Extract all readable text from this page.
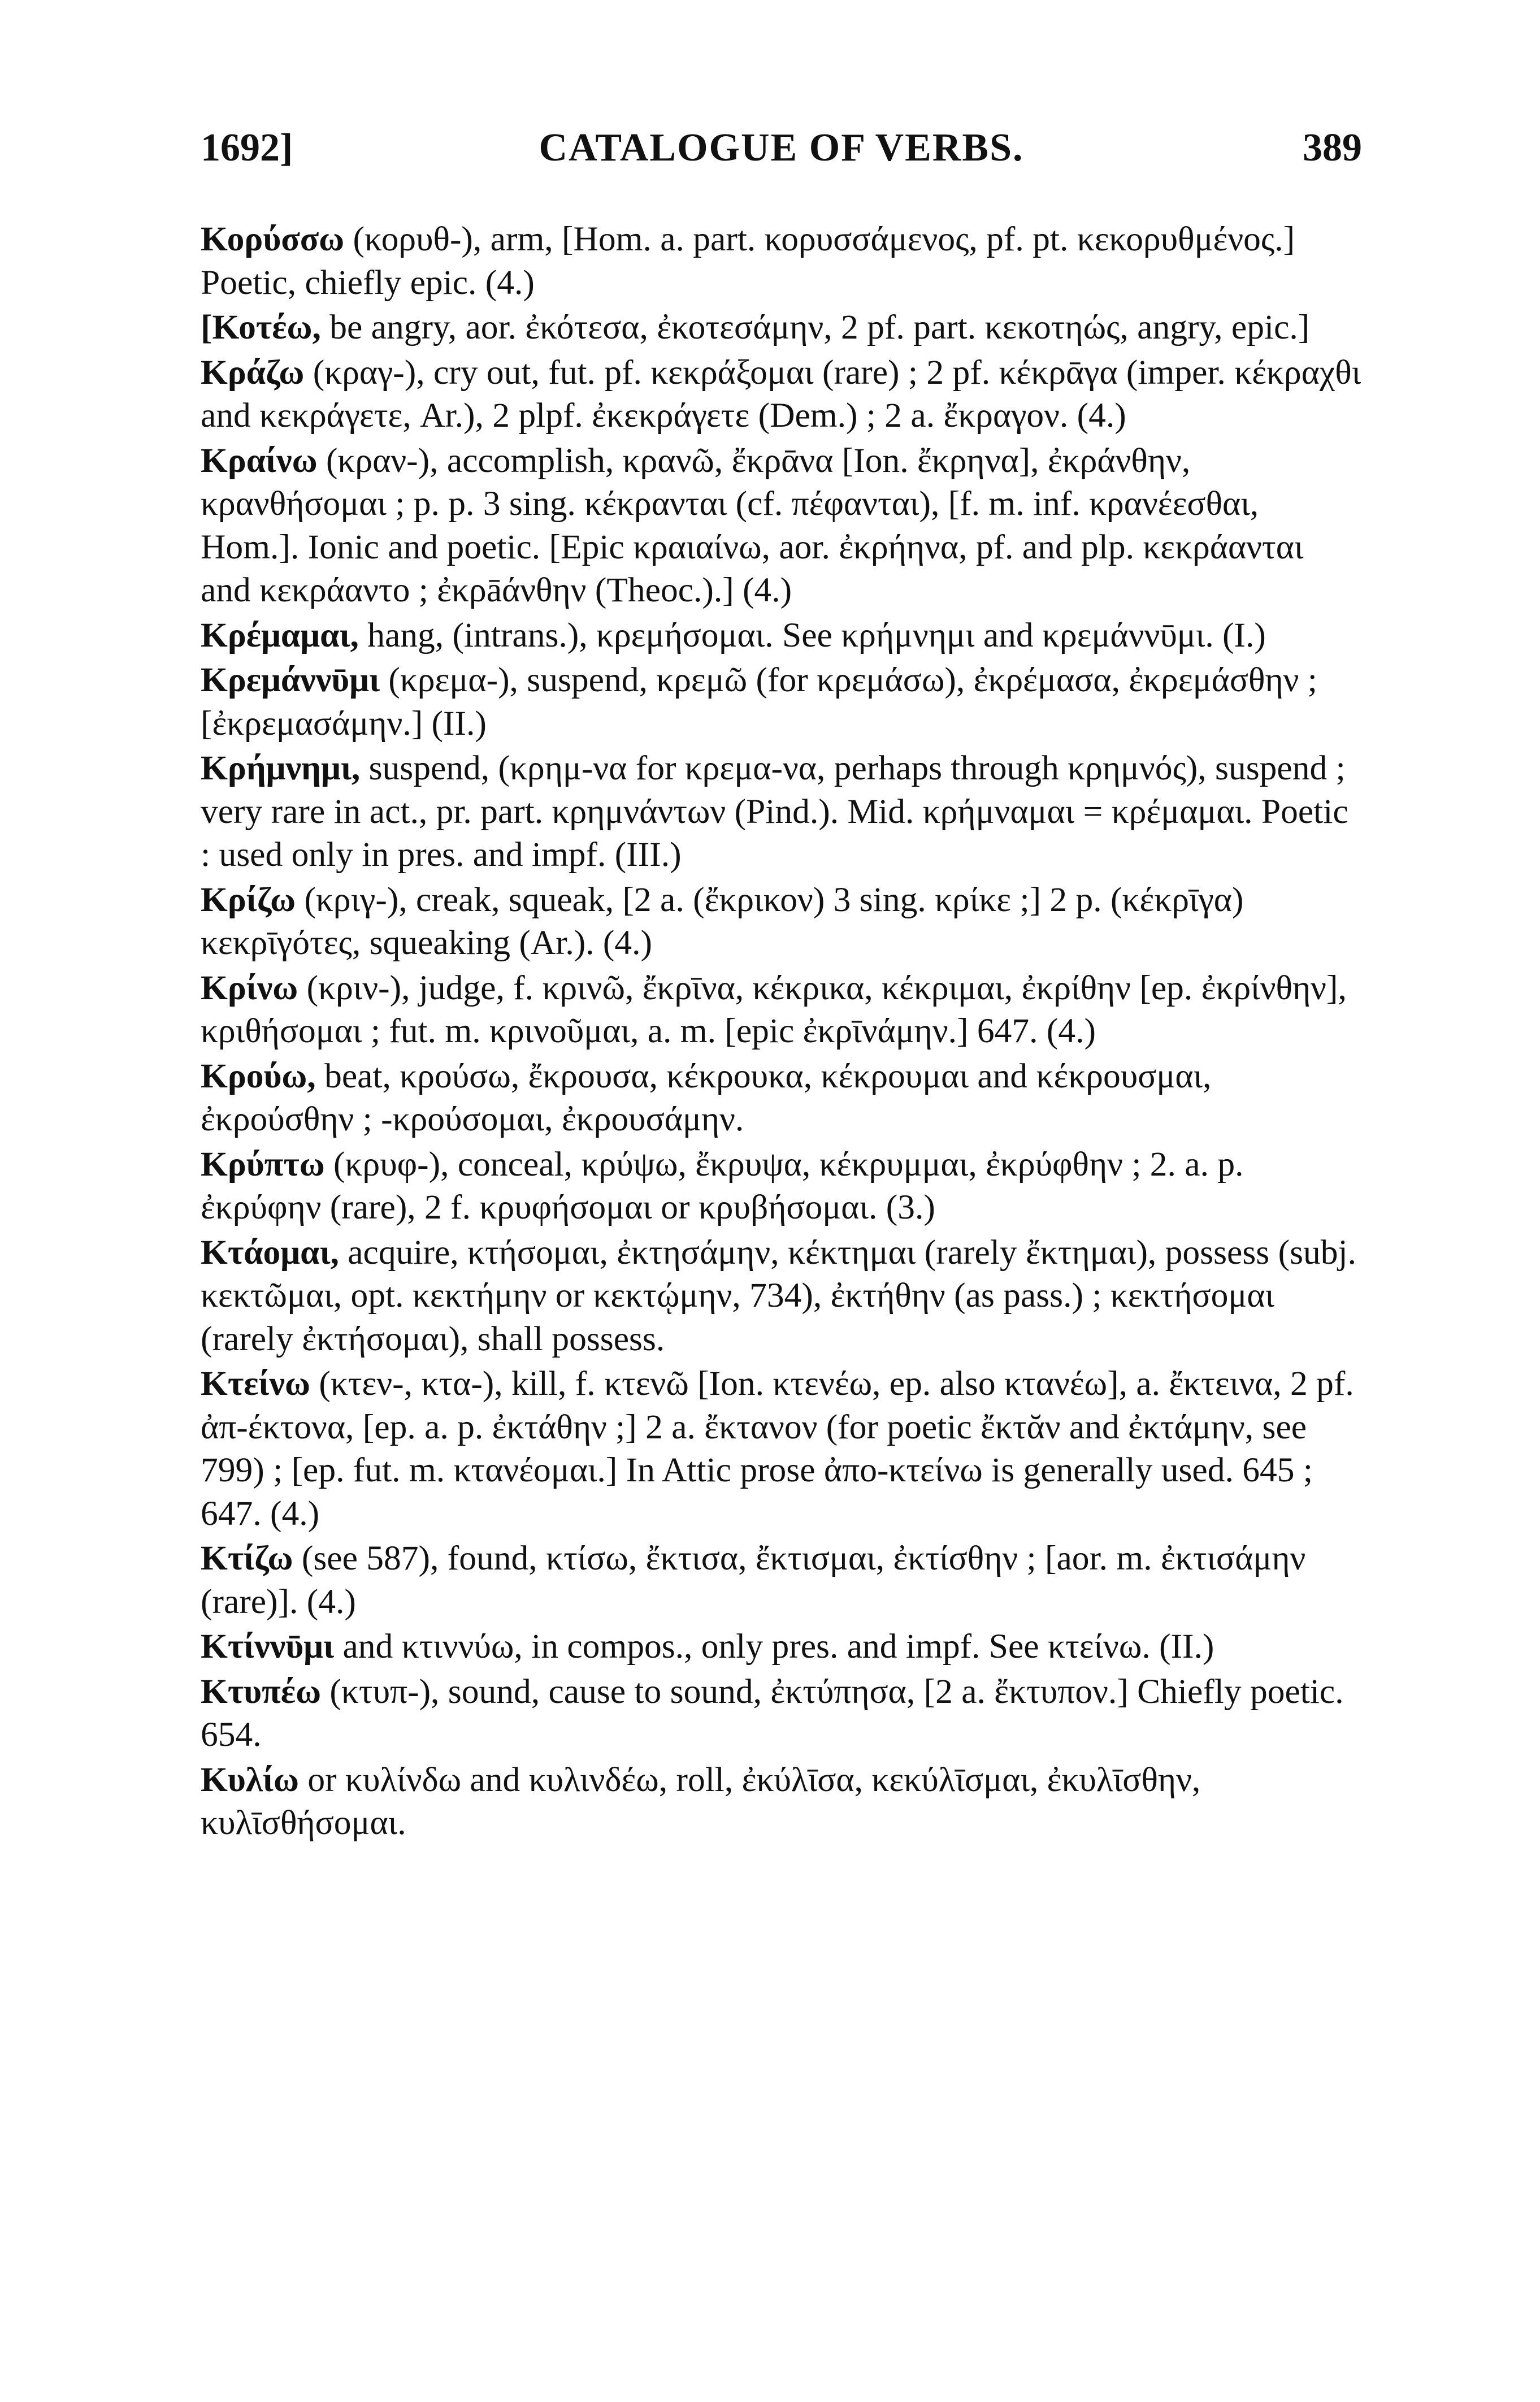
1692]	CATALOGUE OF VERBS.	389

Κορύσσω (κορυθ-), arm, [Hom. a. part. κορυσσάμενος, pf. pt. κεκορυθμένος.] Poetic, chiefly epic. (4.)

[Κοτέω, be angry, aor. ἐκότεσα, ἐκοτεσάμην, 2 pf. part. κεκοτηώς, angry, epic.]

Κράζω (κραγ-), cry out, fut. pf. κεκράξομαι (rare) ; 2 pf. κέκρᾱγα (imper. κέκραχθι and κεκράγετε, Ar.), 2 plpf. ἐκεκράγετε (Dem.) ; 2 a. ἔκραγον. (4.)

Κραίνω (κραν-), accomplish, κρανῶ, ἔκρᾱνα [Ion. ἔκρηνα], ἐκράνθην, κρανθήσομαι ; p. p. 3 sing. κέκρανται (cf. πέφανται), [f. m. inf. κρανέεσθαι, Hom.]. Ionic and poetic. [Epic κραιαίνω, aor. ἐκρήηνα, pf. and plp. κεκράανται and κεκράαντο ; ἐκρāάνθην (Theoc.).] (4.)

Κρέμαμαι, hang, (intrans.), κρεμήσομαι. See κρήμνημι and κρεμάννῡμι. (I.)

Κρεμάννῡμι (κρεμα-), suspend, κρεμῶ (for κρεμάσω), ἐκρέμασα, ἐκρεμάσθην ; [ἐκρεμασάμην.] (II.)

Κρήμνημι, suspend, (κρημ-να for κρεμα-να, perhaps through κρημνός), suspend ; very rare in act., pr. part. κρημνάντων (Pind.). Mid. κρήμναμαι = κρέμαμαι. Poetic : used only in pres. and impf. (III.)

Κρίζω (κριγ-), creak, squeak, [2 a. (ἔκρικον) 3 sing. κρίκε ;] 2 p. (κέκρῑγα) κεκρῑγότες, squeaking (Ar.). (4.)

Κρίνω (κριν-), judge, f. κρινῶ, ἔκρῑνα, κέκρικα, κέκριμαι, ἐκρίθην [ep. ἐκρίνθην], κριθήσομαι ; fut. m. κρινοῦμαι, a. m. [epic ἐκρῑνάμην.] 647. (4.)

Κρούω, beat, κρούσω, ἔκρουσα, κέκρουκα, κέκρουμαι and κέκρουσμαι, ἐκρούσθην ; -κρούσομαι, ἐκρουσάμην.

Κρύπτω (κρυφ-), conceal, κρύψω, ἔκρυψα, κέκρυμμαι, ἐκρύφθην ; 2. a. p. ἐκρύφην (rare), 2 f. κρυφήσομαι or κρυβήσομαι. (3.)

Κτάομαι, acquire, κτήσομαι, ἐκτησάμην, κέκτημαι (rarely ἔκτημαι), possess (subj. κεκτῶμαι, opt. κεκτήμην or κεκτῴμην, 734), ἐκτήθην (as pass.) ; κεκτήσομαι (rarely ἐκτήσομαι), shall possess.

Κτείνω (κτεν-, κτα-), kill, f. κτενῶ [Ion. κτενέω, ep. also κτανέω], a. ἔκτεινα, 2 pf. ἀπ-έκτονα, [ep. a. p. ἐκτάθην ;] 2 a. ἔκτανον (for poetic ἔκτᾰν and ἐκτάμην, see 799) ; [ep. fut. m. κτανέομαι.] In Attic prose ἀπο-κτείνω is generally used. 645 ; 647. (4.)

Κτίζω (see 587), found, κτίσω, ἔκτισα, ἔκτισμαι, ἐκτίσθην ; [aor. m. ἐκτισάμην (rare)]. (4.)

Κτίννῡμι and κτιννύω, in compos., only pres. and impf. See κτείνω. (II.)

Κτυπέω (κτυπ-), sound, cause to sound, ἐκτύπησα, [2 a. ἔκτυπον.] Chiefly poetic. 654.

Κυλίω or κυλίνδω and κυλινδέω, roll, ἐκύλῑσα, κεκύλῑσμαι, ἐκυλῑσθην, κυλῑσθήσομαι.
